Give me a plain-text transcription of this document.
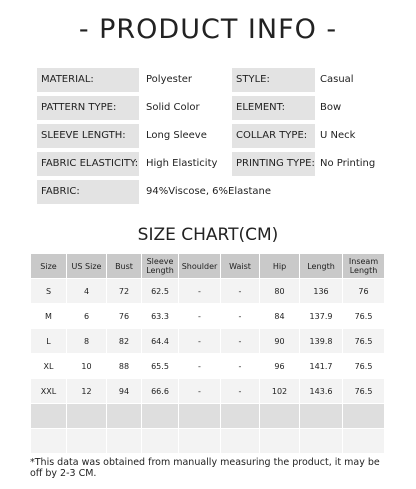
- PRODUCT INFO -
MATERIAL:	Polyester	STYLE:	Casual
PATTERN TYPE:	Solid Color	ELEMENT:	Bow
SLEEVE LENGTH:	Long Sleeve	COLLAR TYPE:	U Neck
FABRIC ELASTICITY: High Elasticity	PRINTING TYPE: No Printing
FABRIC:	94%Viscose, 6%Elastane
SIZE CHART(CM)
Size	US Size	Bust	Sleeve Length	Shoulder	Waist	Hip	Length	Inseam Length
S	4	72	62.5	-	-	80	136	76
M	6	76	63.3	-	-	84	137.9	76.5
L	8	82	64.4	-	-	90	139.8	76.5
XL	10	88	65.5	-	-	96	141.7	76.5
XXL	12	94	66.6	-	-	102	143.6	76.5

*This data was obtained from manually measuring the product, it may be off by 2-3 CM.
